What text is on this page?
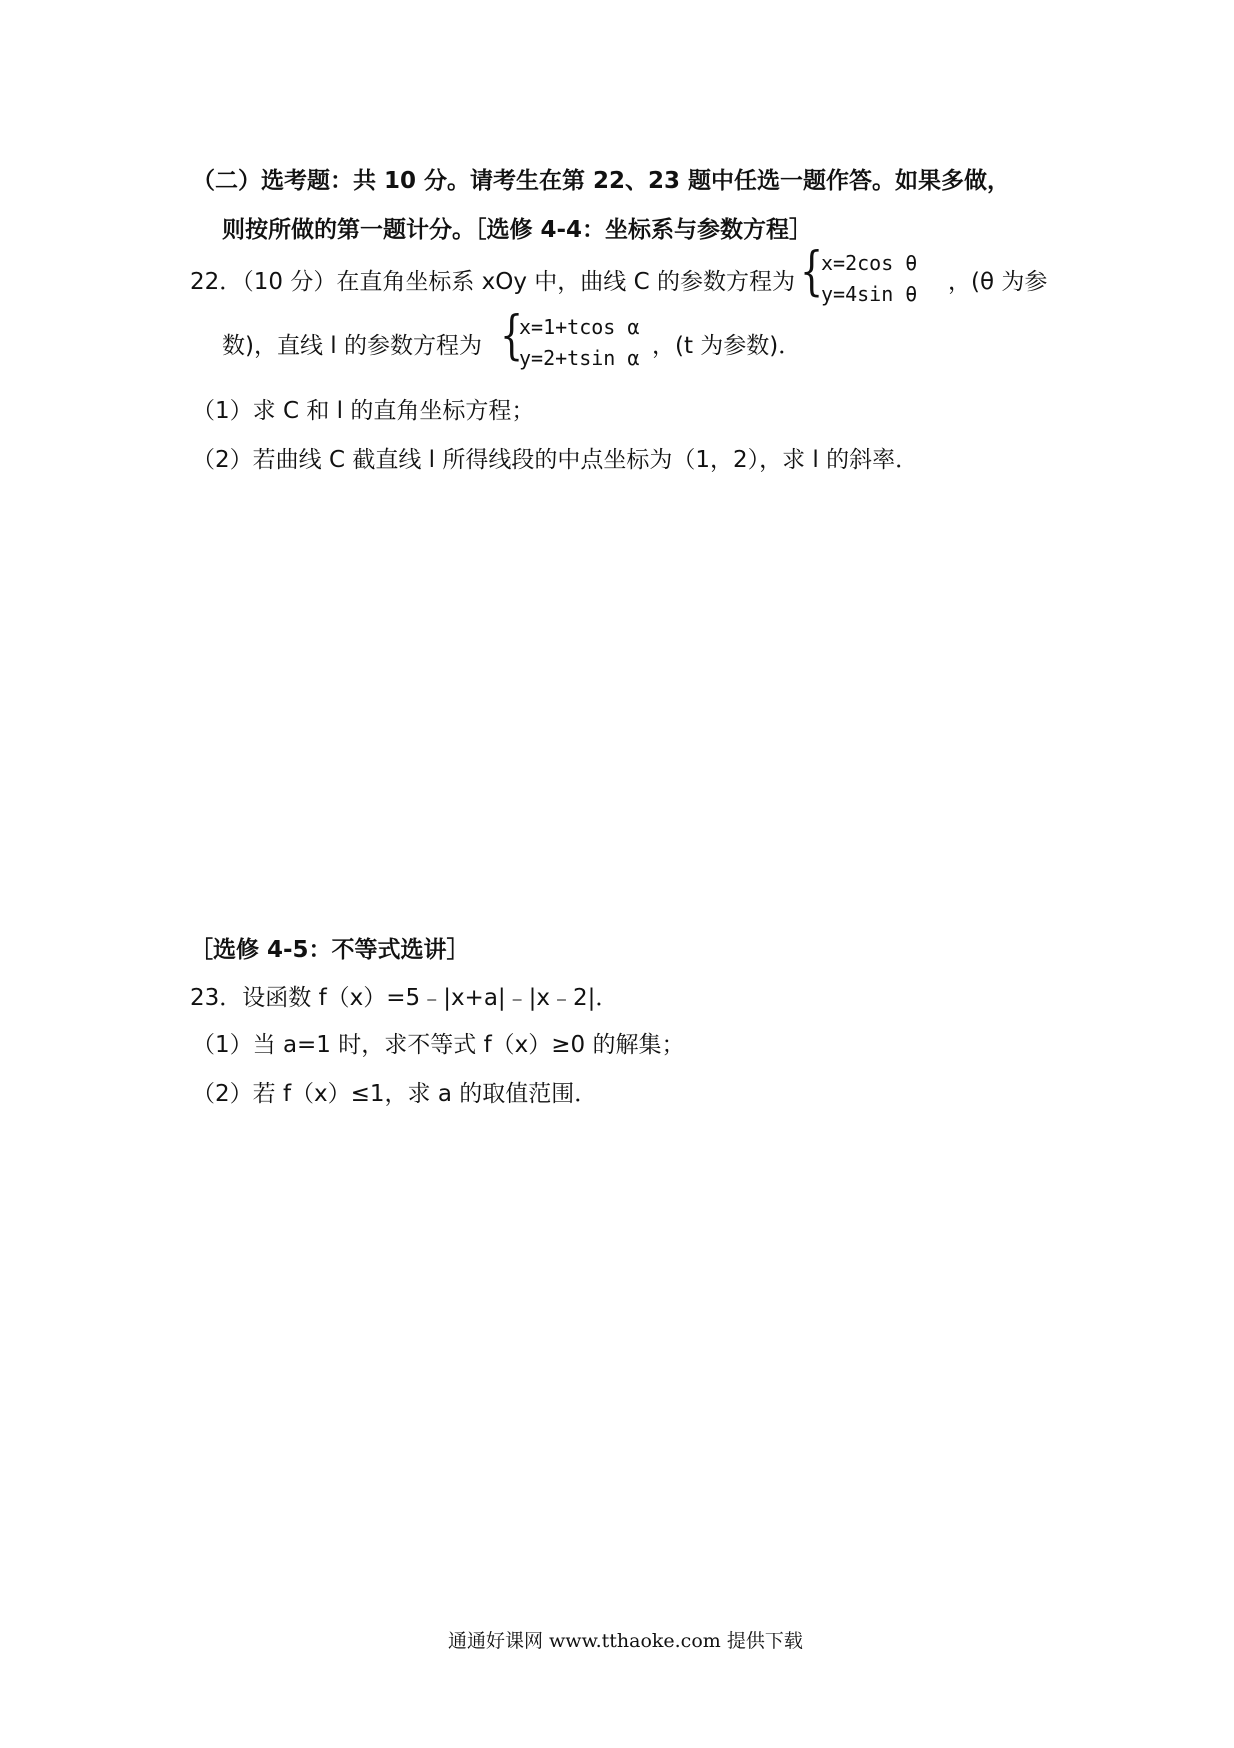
（二）选考题：共 10 分。请考生在第 22、23 题中任选一题作答。如果多做，
则按所做的第一题计分。［选修 4-4：坐标系与参数方程］
22．（10 分）在直角坐标系 xOy 中，曲线 C 的参数方程为 {
x=2cos θ
y=4sin θ ，(θ 为参
数)，直线 l 的参数方程为 {
x=1+tcos α
y=2+tsin α ，(t 为参数)．
（1）求 C 和 l 的直角坐标方程；
（2）若曲线 C 截直线 l 所得线段的中点坐标为（1，2），求 l 的斜率．
［选修 4-5：不等式选讲］
23．设函数 f（x）=5﹣|x+a|﹣|x﹣2|．
（1）当 a=1 时，求不等式 f（x）≥0 的解集；
（2）若 f（x）≤1，求 a 的取值范围．
通通好课网 www.tthaoke.com 提供下载
